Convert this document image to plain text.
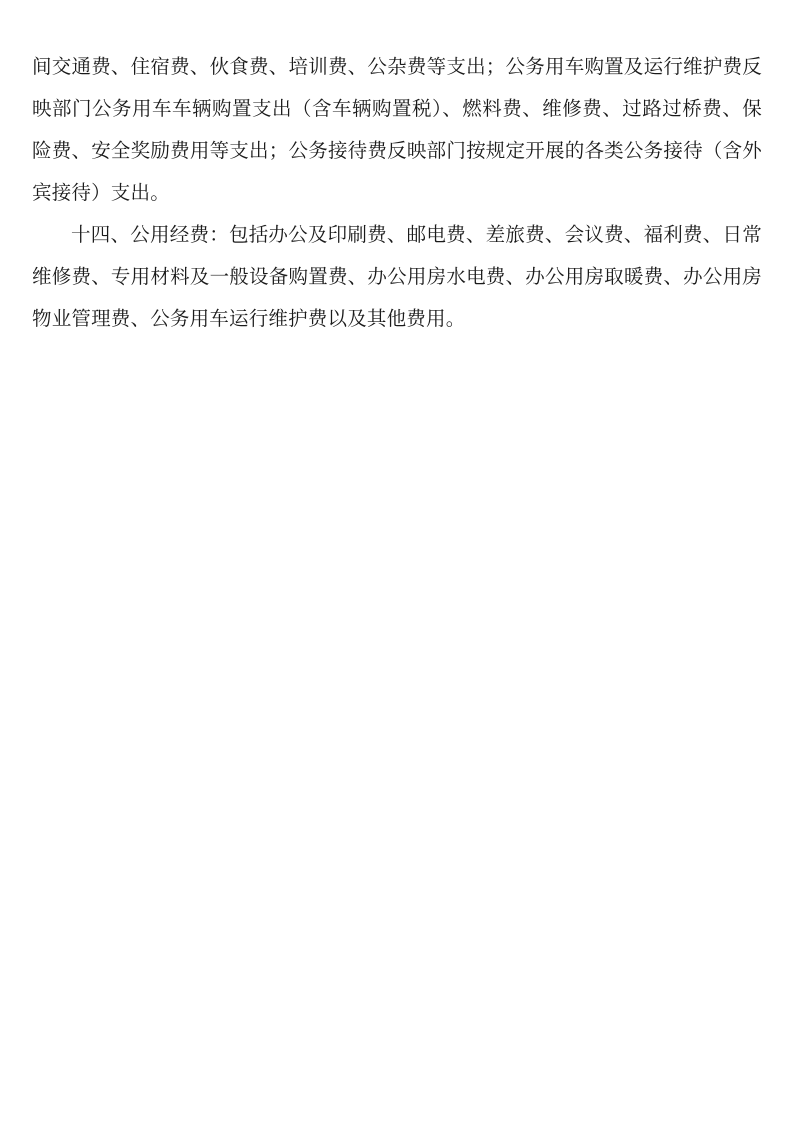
间交通费、住宿费、伙食费、培训费、公杂费等支出；公务用车购置及运行维护费反映部门公务用车车辆购置支出（含车辆购置税）、燃料费、维修费、过路过桥费、保险费、安全奖励费用等支出；公务接待费反映部门按规定开展的各类公务接待（含外宾接待）支出。

十四、公用经费：包括办公及印刷费、邮电费、差旅费、会议费、福利费、日常维修费、专用材料及一般设备购置费、办公用房水电费、办公用房取暖费、办公用房物业管理费、公务用车运行维护费以及其他费用。
